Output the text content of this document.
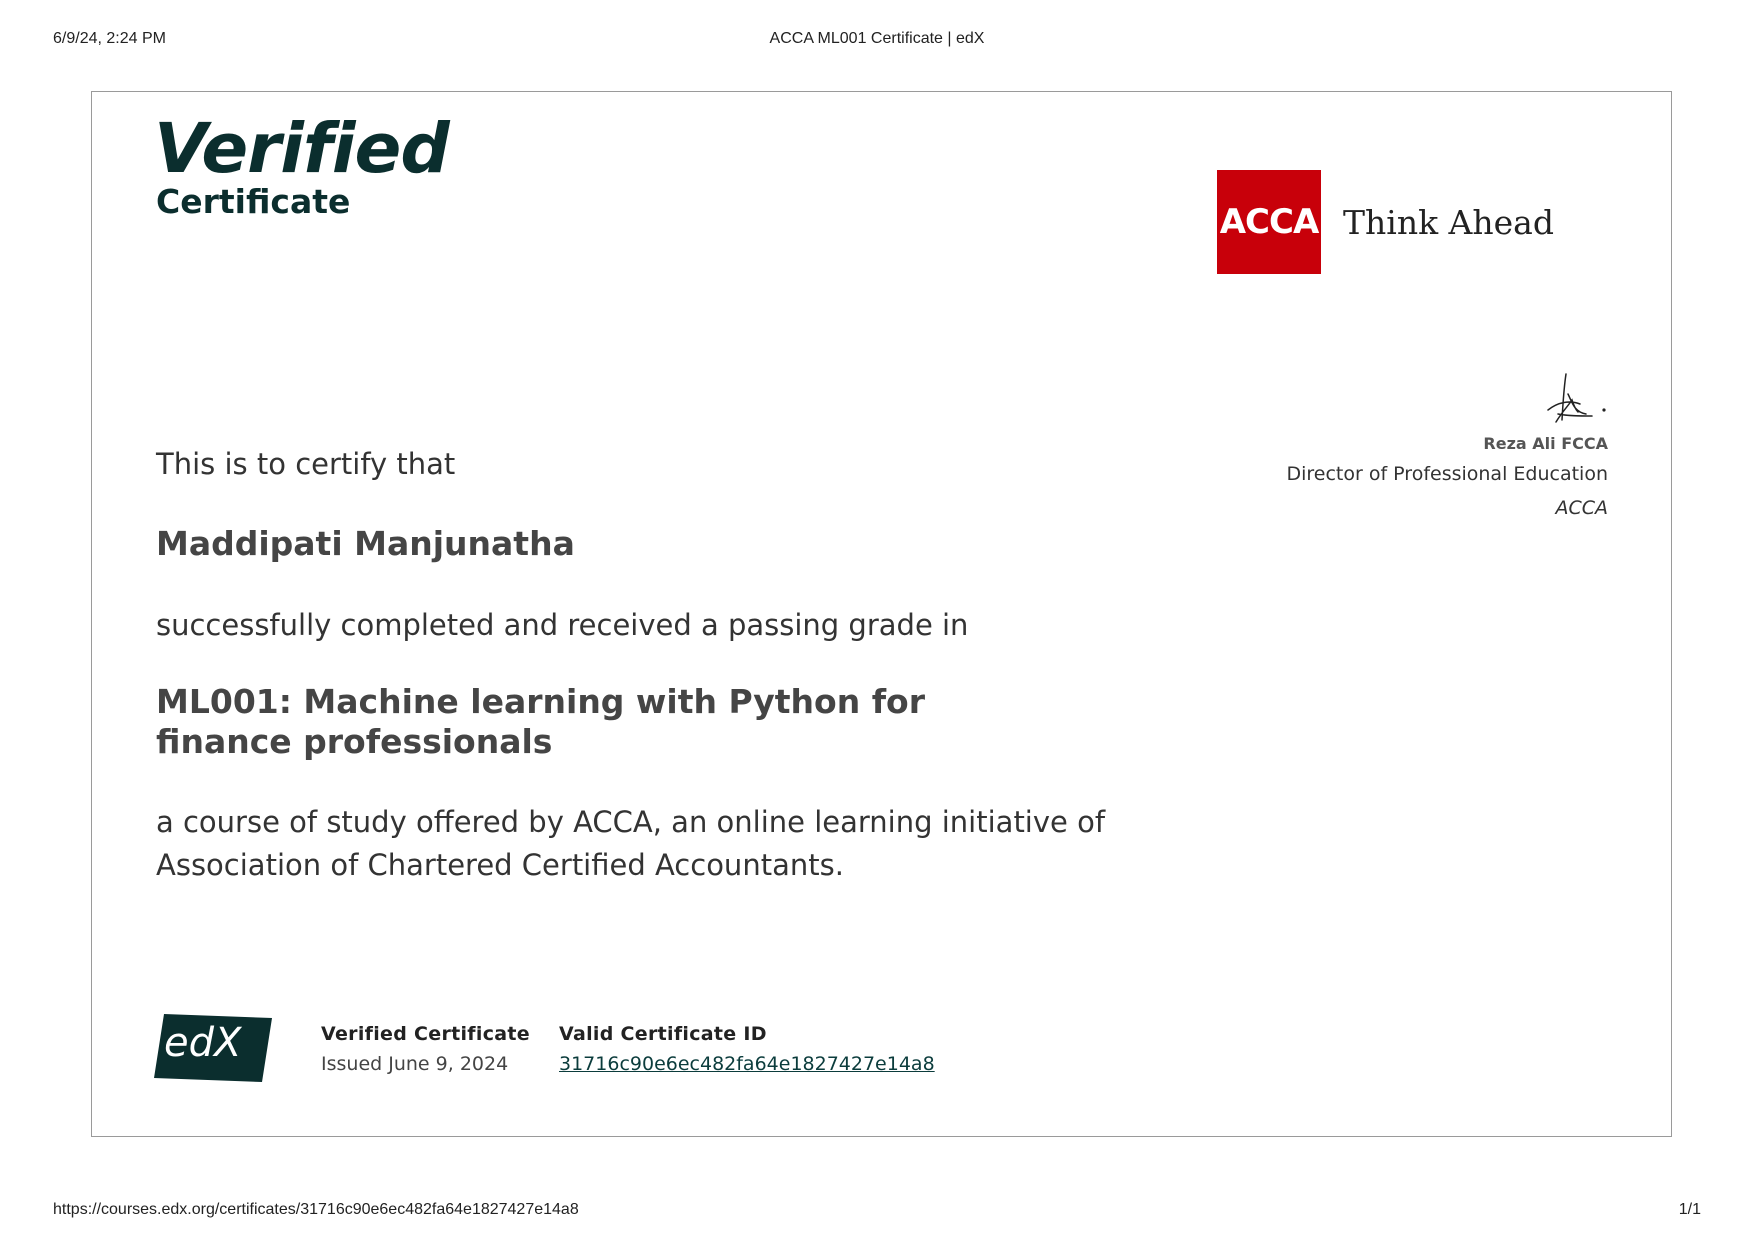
6/9/24, 2:24 PM	ACCA ML001 Certificate | edX
Verified
Certificate
ACCA Think Ahead
Reza Ali FCCA
Director of Professional Education
ACCA
This is to certify that
Maddipati Manjunatha
successfully completed and received a passing grade in
ML001: Machine learning with Python for finance professionals
a course of study offered by ACCA, an online learning initiative of Association of Chartered Certified Accountants.
edX	Verified Certificate
Issued June 9, 2024
Valid Certificate ID
31716c90e6ec482fa64e1827427e14a8
https://courses.edx.org/certificates/31716c90e6ec482fa64e1827427e14a8	1/1
